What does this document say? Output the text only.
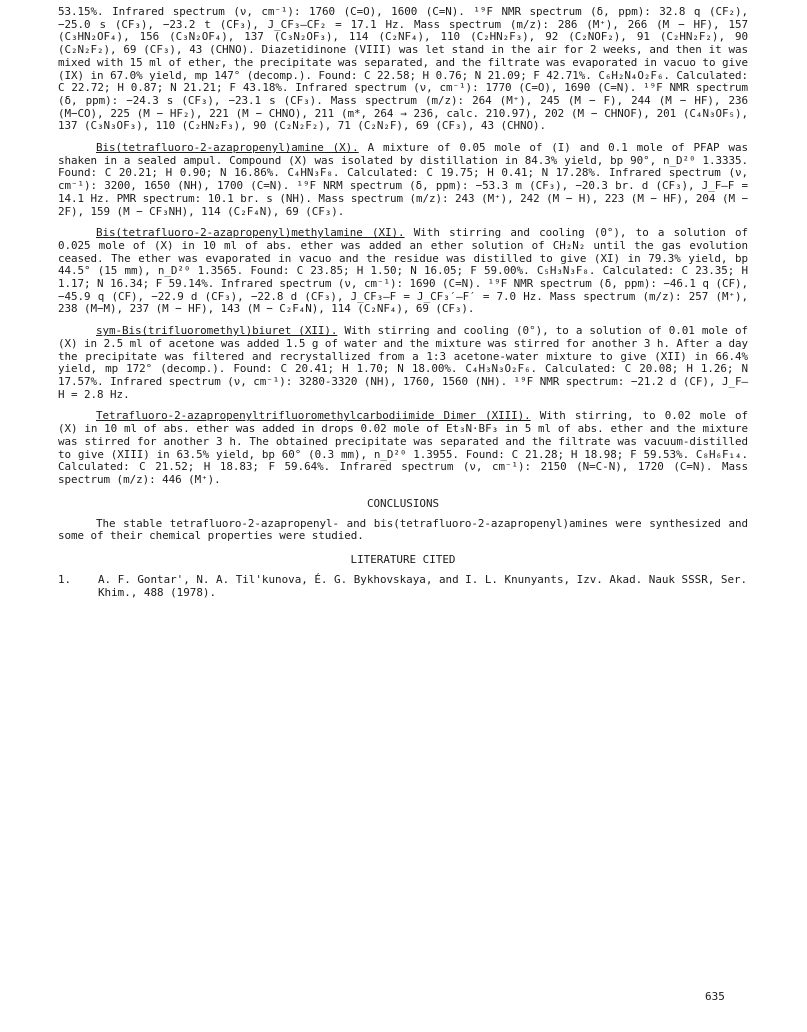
53.15%. Infrared spectrum (ν, cm⁻¹): 1760 (C=O), 1600 (C=N). ¹⁹F NMR spectrum (δ, ppm): 32.8 q (CF₂), −25.0 s (CF₃), −23.2 t (CF₃), J_CF₃–CF₂ = 17.1 Hz. Mass spectrum (m/z): 286 (M⁺), 266 (M − HF), 157 (C₃HN₂OF₄), 156 (C₃N₂OF₄), 137 (C₃N₂OF₃), 114 (C₂NF₄), 110 (C₂HN₂F₃), 92 (C₂NOF₂), 91 (C₂HN₂F₂), 90 (C₂N₂F₂), 69 (CF₃), 43 (CHNO). Diazetidinone (VIII) was let stand in the air for 2 weeks, and then it was mixed with 15 ml of ether, the precipitate was separated, and the filtrate was evaporated in vacuo to give (IX) in 67.0% yield, mp 147° (decomp.). Found: C 22.58; H 0.76; N 21.09; F 42.71%. C₆H₂N₄O₂F₆. Calculated: C 22.72; H 0.87; N 21.21; F 43.18%. Infrared spectrum (ν, cm⁻¹): 1770 (C=O), 1690 (C=N). ¹⁹F NMR spectrum (δ, ppm): −24.3 s (CF₃), −23.1 s (CF₃). Mass spectrum (m/z): 264 (M⁺), 245 (M − F), 244 (M − HF), 236 (M−CO), 225 (M − HF₂), 221 (M − CHNO), 211 (m*, 264 → 236, calc. 210.97), 202 (M − CHNOF), 201 (C₄N₃OF₅), 137 (C₃N₃OF₃), 110 (C₂HN₂F₃), 90 (C₂N₂F₂), 71 (C₂N₂F), 69 (CF₃), 43 (CHNO).

Bis(tetrafluoro-2-azapropenyl)amine (X). A mixture of 0.05 mole of (I) and 0.1 mole of PFAP was shaken in a sealed ampul. Compound (X) was isolated by distillation in 84.3% yield, bp 90°, n_D²⁰ 1.3335. Found: C 20.21; H 0.90; N 16.86%. C₄HN₃F₈. Calculated: C 19.75; H 0.41; N 17.28%. Infrared spectrum (ν, cm⁻¹): 3200, 1650 (NH), 1700 (C=N). ¹⁹F NRM spectrum (δ, ppm): −53.3 m (CF₃), −20.3 br. d (CF₃), J_F–F = 14.1 Hz. PMR spectrum: 10.1 br. s (NH). Mass spectrum (m/z): 243 (M⁺), 242 (M − H), 223 (M − HF), 204 (M − 2F), 159 (M − CF₃NH), 114 (C₂F₄N), 69 (CF₃).

Bis(tetrafluoro-2-azapropenyl)methylamine (XI). With stirring and cooling (0°), to a solution of 0.025 mole of (X) in 10 ml of abs. ether was added an ether solution of CH₂N₂ until the gas evolution ceased. The ether was evaporated in vacuo and the residue was distilled to give (XI) in 79.3% yield, bp 44.5° (15 mm), n_D²⁰ 1.3565. Found: C 23.85; H 1.50; N 16.05; F 59.00%. C₅H₃N₃F₈. Calculated: C 23.35; H 1.17; N 16.34; F 59.14%. Infrared spectrum (ν, cm⁻¹): 1690 (C=N). ¹⁹F NMR spectrum (δ, ppm): −46.1 q (CF), −45.9 q (CF), −22.9 d (CF₃), −22.8 d (CF₃), J_CF₃–F = J_CF₃′–F′ = 7.0 Hz. Mass spectrum (m/z): 257 (M⁺), 238 (M−M), 237 (M − HF), 143 (M − C₂F₄N), 114 (C₂NF₄), 69 (CF₃).

sym-Bis(trifluoromethyl)biuret (XII). With stirring and cooling (0°), to a solution of 0.01 mole of (X) in 2.5 ml of acetone was added 1.5 g of water and the mixture was stirred for another 3 h. After a day the precipitate was filtered and recrystallized from a 1:3 acetone-water mixture to give (XII) in 66.4% yield, mp 172° (decomp.). Found: C 20.41; H 1.70; N 18.00%. C₄H₃N₃O₂F₆. Calculated: C 20.08; H 1.26; N 17.57%. Infrared spectrum (ν, cm⁻¹): 3280-3320 (NH), 1760, 1560 (NH). ¹⁹F NMR spectrum: −21.2 d (CF), J_F–H = 2.8 Hz.

Tetrafluoro-2-azapropenyltrifluoromethylcarbodiimide Dimer (XIII). With stirring, to 0.02 mole of (X) in 10 ml of abs. ether was added in drops 0.02 mole of Et₃N·BF₃ in 5 ml of abs. ether and the mixture was stirred for another 3 h. The obtained precipitate was separated and the filtrate was vacuum-distilled to give (XIII) in 63.5% yield, bp 60° (0.3 mm), n_D²⁰ 1.3955. Found: C 21.28; H 18.98; F 59.53%. C₈H₆F₁₄. Calculated: C 21.52; H 18.83; F 59.64%. Infrared spectrum (ν, cm⁻¹): 2150 (N=C-N), 1720 (C=N). Mass spectrum (m/z): 446 (M⁺).

CONCLUSIONS

The stable tetrafluoro-2-azapropenyl- and bis(tetrafluoro-2-azapropenyl)amines were synthesized and some of their chemical properties were studied.

LITERATURE CITED
1.	A. F. Gontar', N. A. Til'kunova, É. G. Bykhovskaya, and I. L. Knunyants, Izv. Akad. Nauk SSSR, Ser. Khim., 488 (1978).
635
